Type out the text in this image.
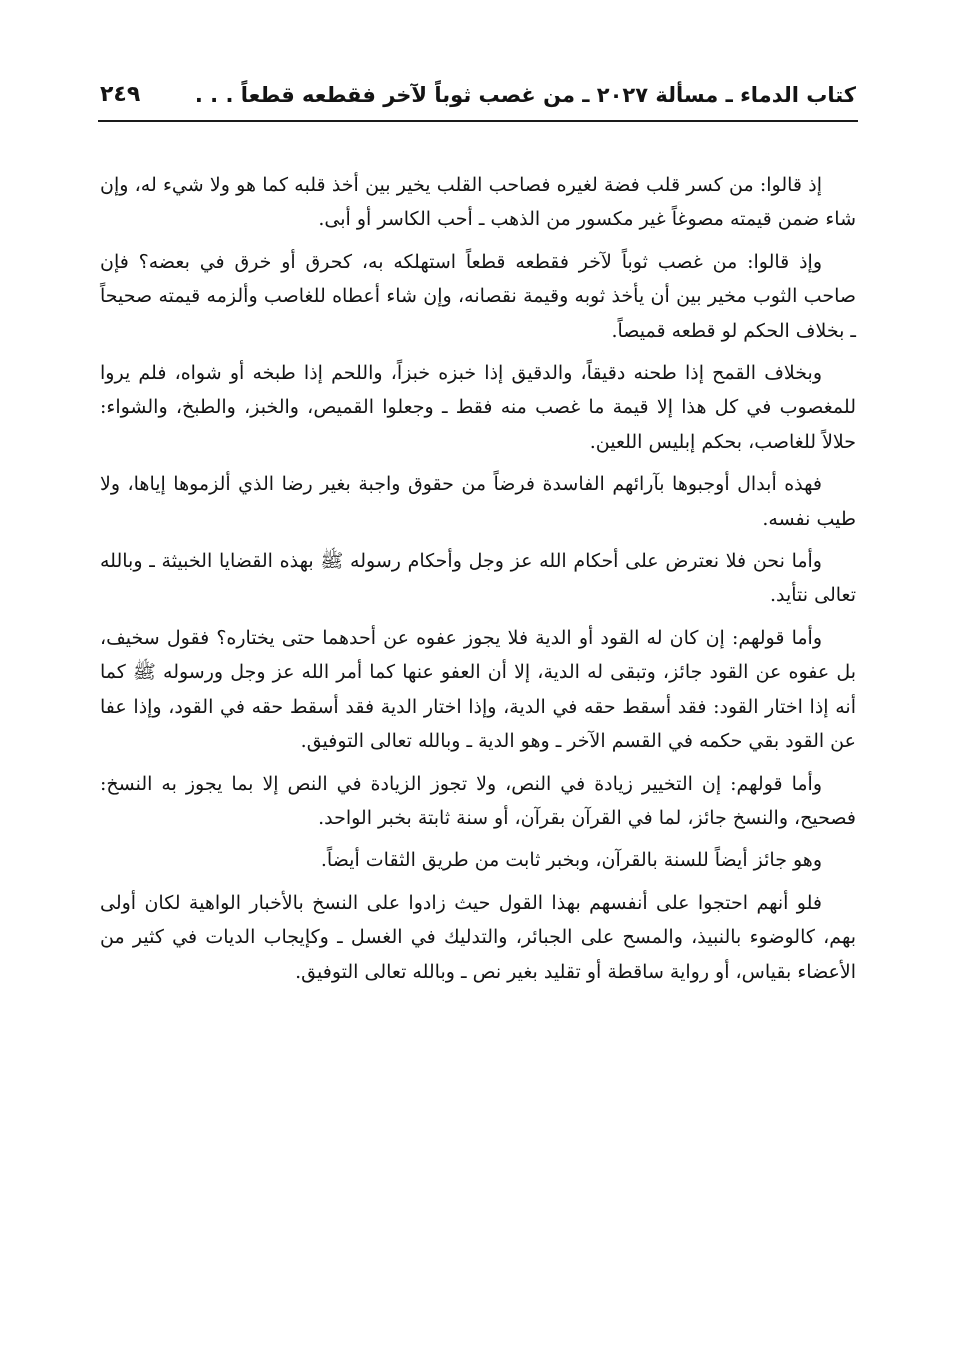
كتاب الدماء ـ مسألة ٢٠٢٧ ـ من غصب ثوباً لآخر فقطعه قطعاً . . .
٢٤٩

إذ قالوا: من كسر قلب فضة لغيره فصاحب القلب يخير بين أخذ قلبه كما هو ولا شيء له، وإن شاء ضمن قيمته مصوغاً غير مكسور من الذهب ـ أحب الكاسر أو أبى.

وإذ قالوا: من غصب ثوباً لآخر فقطعه قطعاً استهلكه به، كحرق أو خرق في بعضه؟ فإن صاحب الثوب مخير بين أن يأخذ ثوبه وقيمة نقصانه، وإن شاء أعطاه للغاصب وألزمه قيمته صحيحاً ـ بخلاف الحكم لو قطعه قميصاً.

وبخلاف القمح إذا طحنه دقيقاً، والدقيق إذا خبزه خبزاً، واللحم إذا طبخه أو شواه، فلم يروا للمغصوب في كل هذا إلا قيمة ما غصب منه فقط ـ وجعلوا القميص، والخبز، والطبخ، والشواء: حلالاً للغاصب، بحكم إبليس اللعين.

فهذه أبدال أوجبوها بآرائهم الفاسدة فرضاً من حقوق واجبة بغير رضا الذي ألزموها إياها، ولا طيب نفسه.

وأما نحن فلا نعترض على أحكام الله عز وجل وأحكام رسوله ﷺ بهذه القضايا الخبيثة ـ وبالله تعالى نتأيد.

وأما قولهم: إن كان له القود أو الدية فلا يجوز عفوه عن أحدهما حتى يختاره؟ فقول سخيف، بل عفوه عن القود جائز، وتبقى له الدية، إلا أن العفو عنها كما أمر الله عز وجل ورسوله ﷺ كما أنه إذا اختار القود: فقد أسقط حقه في الدية، وإذا اختار الدية فقد أسقط حقه في القود، وإذا عفا عن القود بقي حكمه في القسم الآخر ـ وهو الدية ـ وبالله تعالى التوفيق.

وأما قولهم: إن التخيير زيادة في النص، ولا تجوز الزيادة في النص إلا بما يجوز به النسخ: فصحيح، والنسخ جائز، لما في القرآن بقرآن، أو سنة ثابتة بخبر الواحد.

وهو جائز أيضاً للسنة بالقرآن، وبخبر ثابت من طريق الثقات أيضاً.

فلو أنهم احتجوا على أنفسهم بهذا القول حيث زادوا على النسخ بالأخبار الواهية لكان أولى بهم، كالوضوء بالنبيذ، والمسح على الجبائر، والتدليك في الغسل ـ وكإيجاب الديات في كثير من الأعضاء بقياس، أو رواية ساقطة أو تقليد بغير نص ـ وبالله تعالى التوفيق.
